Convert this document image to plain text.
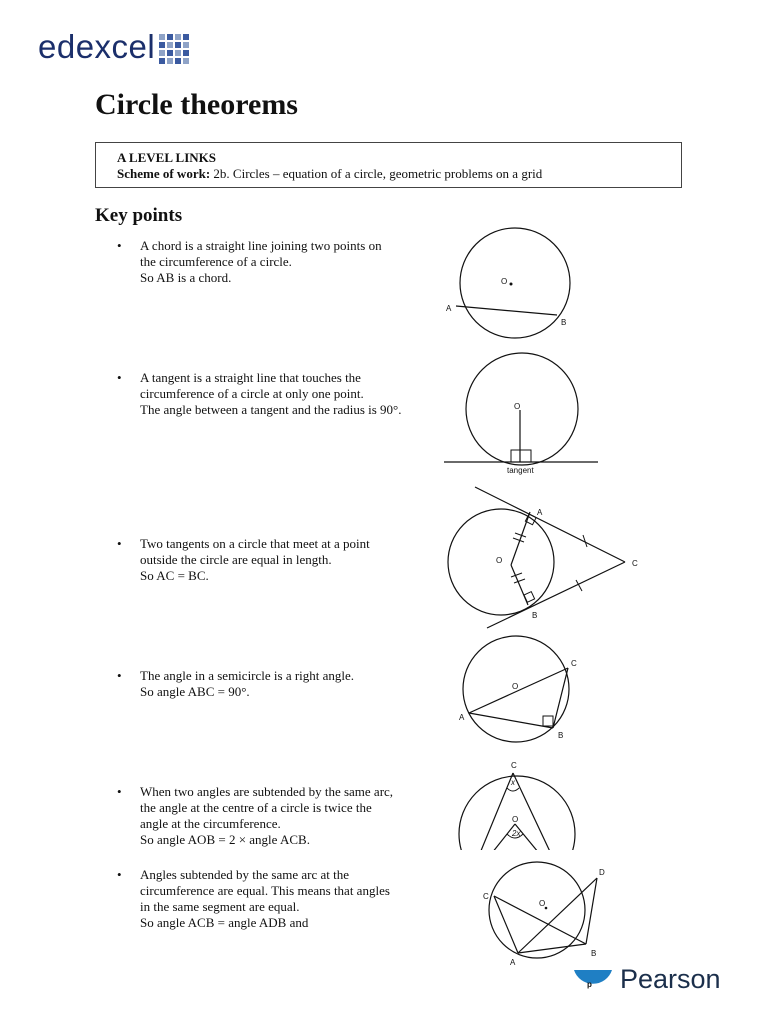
edexcel
Circle theorems
A LEVEL LINKS
Scheme of work: 2b. Circles – equation of a circle, geometric problems on a grid
Key points
• A chord is a straight line joining two points on
the circumference of a circle.
So AB is a chord.
• A tangent is a straight line that touches the
circumference of a circle at only one point.
The angle between a tangent and the radius is 90°.
• Two tangents on a circle that meet at a point
outside the circle are equal in length.
So AC = BC.
• The angle in a semicircle is a right angle.
So angle ABC = 90°.
• When two angles are subtended by the same arc,
the angle at the centre of a circle is twice the
angle at the circumference.
So angle AOB = 2 × angle ACB.
• Angles subtended by the same arc at the
circumference are equal. This means that angles
in the same segment are equal.
So angle ACB = angle ADB and
O
A
B
O
tangent
A
B
C
O
O
A
B
C
C
x
O
2x
O
A
B
C
D
p Pearson
